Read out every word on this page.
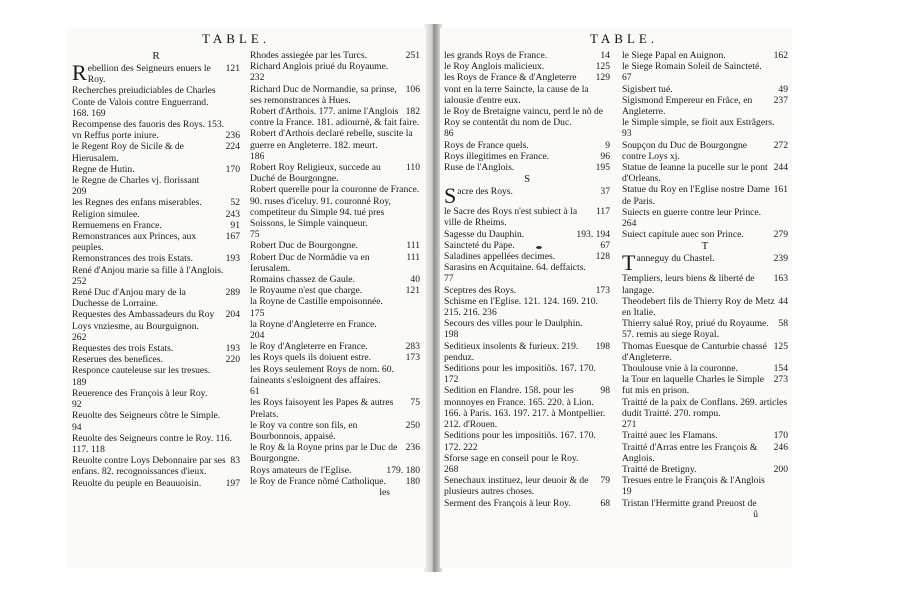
TABLE.
R
121
Rebellion des Seigneurs enuers le Roy.
Recherches preiudiciables de Charles Conte de Valois contre Enguerrand.
168. 169
Recompense des fauoris des Roys. 153.
236
vn Reffus porte iniure.
224
le Regent Roy de Sicile & de Hierusalem.
170
Regne de Hutin.
le Regne de Charles vj. florissant
209
52
les Regnes des enfans miserables.
243
Religion simulee.
91
Remuemens en France.
167
Remonstrances aux Princes, aux peuples.
193
Remonstrances des trois Estats.
René d'Anjou marie sa fille à l'Anglois.
252
289
René Duc d'Anjou mary de la Duchesse de Lorraine.
204
Requestes des Ambassadeurs du Roy Loys vnziesme, au Bourguignon.
262
193
Requestes des trois Estats.
220
Reserues des benefices.
Responce cauteleuse sur les tresues.
189
Reuerence des François à leur Roy.
92
Reuolte des Seigneurs cõtre le Simple.
94
Reuolte des Seigneurs contre le Roy. 116. 117. 118
83
Reuolte contre Loys Debonnaire par ses enfans. 82. recognoissances d'ieux.
197
Reuolte du peuple en Beauuoisin.
251
Rhodes assiegée par les Turcs.
Richard Anglois priué du Royaume.
232
106
Richard Duc de Normandie, sa prinse, ses remonstrances à Hues.
182
Robert d'Arthois. 177. anime l'Anglois contre la France. 181. adiournè, & fait faire.
Robert d'Arthois declaré rebelle, suscite la guerre en Angleterre. 182. meurt.
186
110
Robert Roy Religieux, succede au Duché de Bourgongne.
Robert querelle pour la couronne de France. 90. ruses d'iceluy. 91. couronné Roy, competiteur du Simple 94. tué pres Soissons, le Simple vainqueur.
75
111
Robert Duc de Bourgongne.
111
Robert Duc de Normãdie va en Ierusalem.
40
Romains chassez de Gaule.
121
le Royaume n'est que charge.
la Royne de Castille empoisonnée.
175
la Royne d'Angleterre en France.
204
283
le Roy d'Angleterre en France.
173
les Roys quels ils doiuent estre.
les Roys seulement Roys de nom. 60. faineants s'esloignent des affaires.
61
75
les Roys faisoyent les Papes & autres Prelats.
250
le Roy va contre son fils, en Bourbonnois, appaisé.
236
le Roy & la Royne prins par le Duc de Bourgongne.
179. 180
Roys amateurs de l'Eglise.
180
le Roy de France nõmé Catholique.
les
TABLE.
14
les grands Roys de France.
125
le Roy Anglois malicieux.
129
les Roys de France & d'Angleterre vont en la terre Saincte, la cause de la ialousie d'entre eux.
le Roy de Bretaigne vaincu, perd le nõ de Roy se contentãt du nom de Duc.
86
9
Roys de France quels.
96
Roys illegitimes en France.
195
Ruse de l'Anglois.
S
37
Sacre des Roys.
117
le Sacre des Roys n'est subiect à la ville de Rheims.
193. 194
Sagesse du Dauphin.
67
Saincteté du Pape.
128
Saladines appellées decimes.
Sarasins en Acquitaine. 64. deffaicts.
77
173
Sceptres des Roys.
Schisme en l'Eglise. 121. 124. 169. 210. 215. 216. 236
Secours des villes pour le Daulphin.
198
198
Seditieux insolents & furieux. 219. penduz.
Seditions pour les impositiõs. 167. 170.
172
98
Sedition en Flandre. 158. pour les monnoyes en France. 165. 220. à Lion. 166. à Paris. 163. 197. 217. à Montpellier. 212. d'Rouen.
Seditions pour les impositiõs. 167. 170.
172. 222
Sforse sage en conseil pour le Roy.
268
79
Senechaux instituez, leur deuoir & de plusieurs autres choses.
68
Serment des François à leur Roy.
162
le Siege Papal en Auignon.
le Siege Romain Soleil de Saincteté.
67
49
Sigisbert tué.
237
Sigismond Empereur en Frãce, en Angleterre.
le Simple simple, se fioit aux Estrãgers.
93
272
Soupçon du Duc de Bourgongne contre Loys xj.
244
Statue de Ieanne la pucelle sur le pont d'Orleans.
161
Statue du Roy en l'Eglise nostre Dame de Paris.
Suiects en guerre contre leur Prince.
264
279
Suiect capitule auec son Prince.
T
239
Tanneguy du Chastel.
163
Templiers, leurs biens & liberté de langage.
44
Theodebert fils de Thierry Roy de Metz en Italie.
58
Thierry salué Roy, priué du Royaume. 57. remis au siege Royal.
125
Thomas Euesque de Canturbie chassé d'Angleterre.
154
Thoulouse vnie à la couronne.
273
la Tour en laquelle Charles le Simple fut mis en prison.
Traitté de la paix de Conflans. 269. articles dudit Traitté. 270. rompu.
271
170
Traitté auec les Flamans.
246
Traitté d'Arras entre les François & Anglois.
200
Traitté de Bretigny.
Tresues entre le François & l'Anglois
19
Tristan l'Hermitte grand Preuost de
û
